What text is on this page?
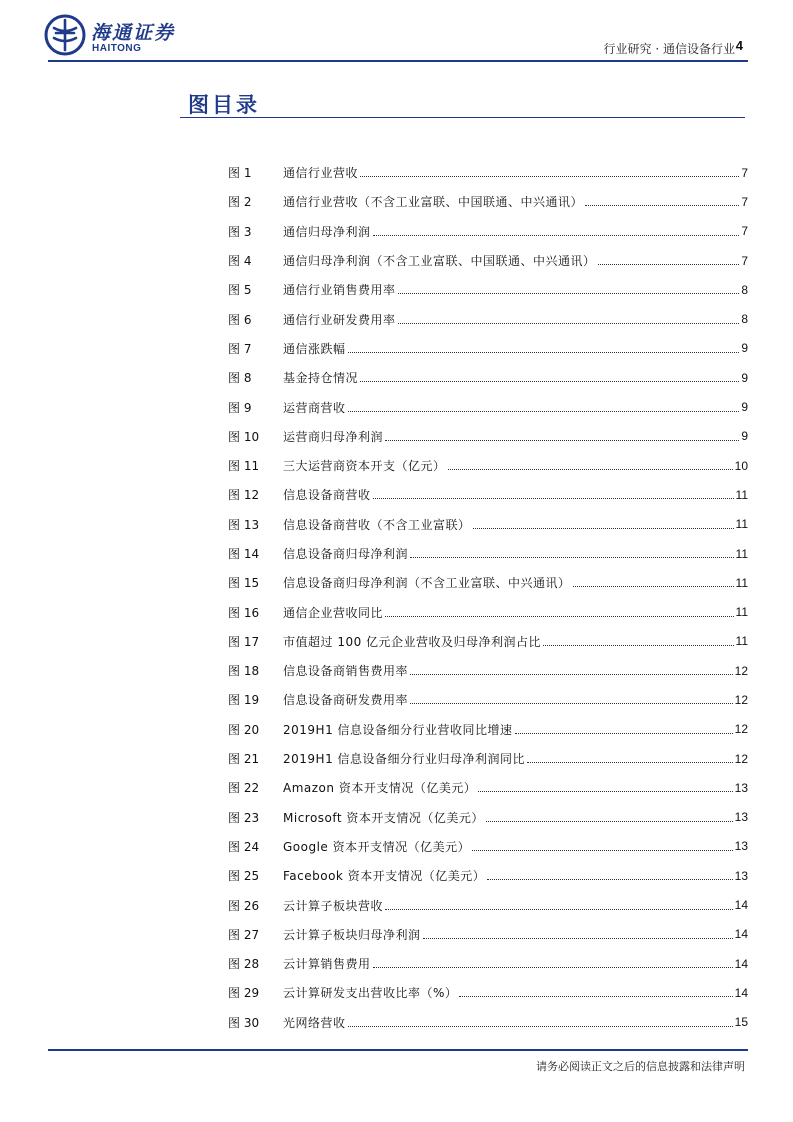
海通证券
HAITONG	行业研究 · 通信设备行业 4
图目录
图 1	通信行业营收	7
图 2	通信行业营收（不含工业富联、中国联通、中兴通讯）	7
图 3	通信归母净利润	7
图 4	通信归母净利润（不含工业富联、中国联通、中兴通讯）	7
图 5	通信行业销售费用率	8
图 6	通信行业研发费用率	8
图 7	通信涨跌幅	9
图 8	基金持仓情况	9
图 9	运营商营收	9
图 10	运营商归母净利润	9
图 11	三大运营商资本开支（亿元）	10
图 12	信息设备商营收	11
图 13	信息设备商营收（不含工业富联）	11
图 14	信息设备商归母净利润	11
图 15	信息设备商归母净利润（不含工业富联、中兴通讯）	11
图 16	通信企业营收同比	11
图 17	市值超过 100 亿元企业营收及归母净利润占比	11
图 18	信息设备商销售费用率	12
图 19	信息设备商研发费用率	12
图 20	2019H1 信息设备细分行业营收同比增速	12
图 21	2019H1 信息设备细分行业归母净利润同比	12
图 22	Amazon 资本开支情况（亿美元）	13
图 23	Microsoft 资本开支情况（亿美元）	13
图 24	Google 资本开支情况（亿美元）	13
图 25	Facebook 资本开支情况（亿美元）	13
图 26	云计算子板块营收	14
图 27	云计算子板块归母净利润	14
图 28	云计算销售费用	14
图 29	云计算研发支出营收比率（%）	14
图 30	光网络营收	15
请务必阅读正文之后的信息披露和法律声明
